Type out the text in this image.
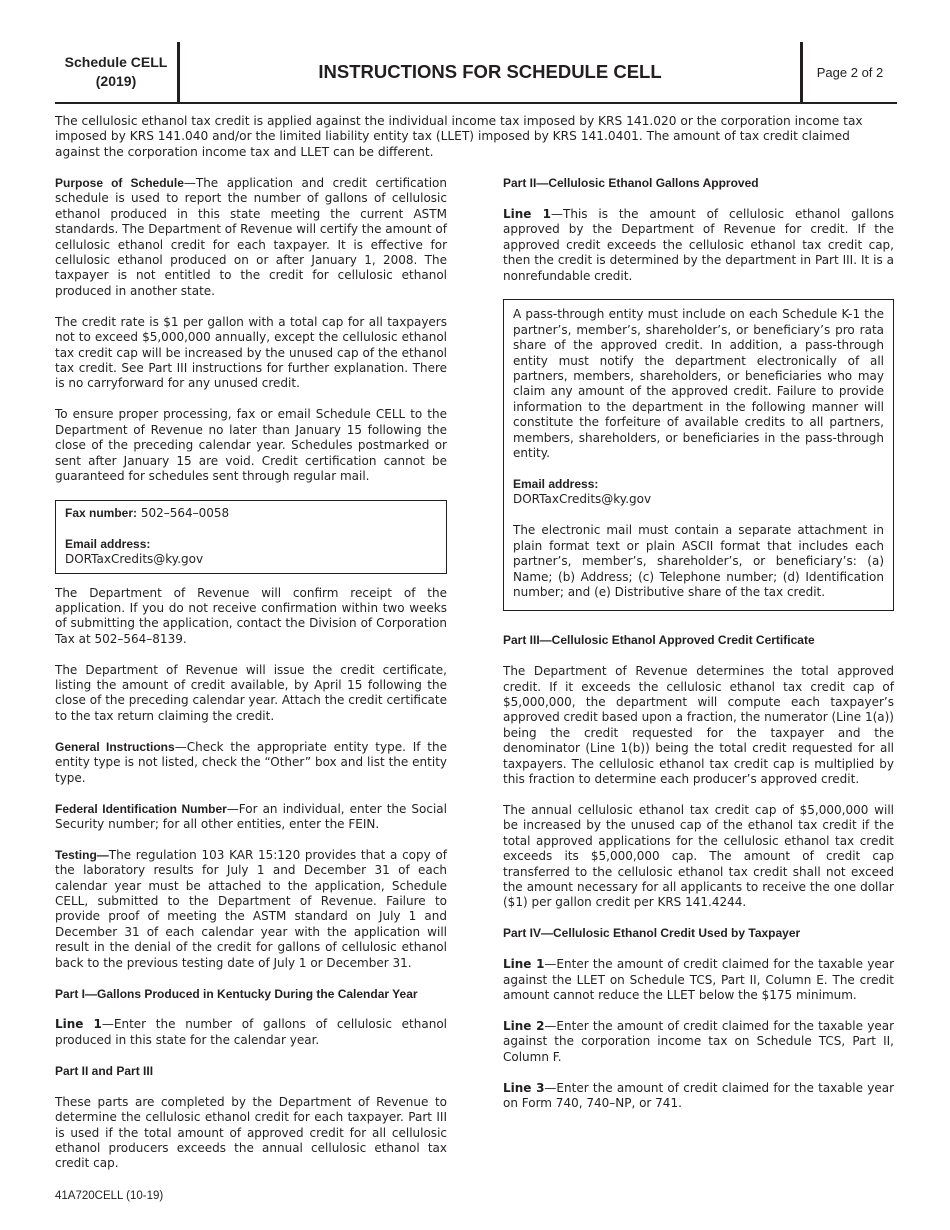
Schedule CELL
(2019)	INSTRUCTIONS FOR SCHEDULE CELL	Page 2 of 2

The cellulosic ethanol tax credit is applied against the individual income tax imposed by KRS 141.020 or the corporation income tax imposed by KRS 141.040 and/or the limited liability entity tax (LLET) imposed by KRS 141.0401. The amount of tax credit claimed against the corporation income tax and LLET can be different.

Purpose of Schedule—The application and credit certification schedule is used to report the number of gallons of cellulosic ethanol produced in this state meeting the current ASTM standards. The Department of Revenue will certify the amount of cellulosic ethanol credit for each taxpayer. It is effective for cellulosic ethanol produced on or after January 1, 2008. The taxpayer is not entitled to the credit for cellulosic ethanol produced in another state.

The credit rate is $1 per gallon with a total cap for all taxpayers not to exceed $5,000,000 annually, except the cellulosic ethanol tax credit cap will be increased by the unused cap of the ethanol tax credit. See Part III instructions for further explanation. There is no carryforward for any unused credit.

To ensure proper processing, fax or email Schedule CELL to the Department of Revenue no later than January 15 following the close of the preceding calendar year. Schedules postmarked or sent after January 15 are void. Credit certification cannot be guaranteed for schedules sent through regular mail.

Fax number: 502–564–0058

Email address:
DORTaxCredits@ky.gov

The Department of Revenue will confirm receipt of the application. If you do not receive confirmation within two weeks of submitting the application, contact the Division of Corporation Tax at 502–564–8139.

The Department of Revenue will issue the credit certificate, listing the amount of credit available, by April 15 following the close of the preceding calendar year. Attach the credit certificate to the tax return claiming the credit.

General Instructions—Check the appropriate entity type. If the entity type is not listed, check the “Other” box and list the entity type.

Federal Identification Number—For an individual, enter the Social Security number; for all other entities, enter the FEIN.

Testing—The regulation 103 KAR 15:120 provides that a copy of the laboratory results for July 1 and December 31 of each calendar year must be attached to the application, Schedule CELL, submitted to the Department of Revenue. Failure to provide proof of meeting the ASTM standard on July 1 and December 31 of each calendar year with the application will result in the denial of the credit for gallons of cellulosic ethanol back to the previous testing date of July 1 or December 31.

Part I—Gallons Produced in Kentucky During the Calendar Year

Line 1—Enter the number of gallons of cellulosic ethanol produced in this state for the calendar year.

Part II and Part III

These parts are completed by the Department of Revenue to determine the cellulosic ethanol credit for each taxpayer. Part III is used if the total amount of approved credit for all cellulosic ethanol producers exceeds the annual cellulosic ethanol tax credit cap.

Part II—Cellulosic Ethanol Gallons Approved

Line 1—This is the amount of cellulosic ethanol gallons approved by the Department of Revenue for credit. If the approved credit exceeds the cellulosic ethanol tax credit cap, then the credit is determined by the department in Part III. It is a nonrefundable credit.

A pass-through entity must include on each Schedule K-1 the partner’s, member’s, shareholder’s, or beneficiary’s pro rata share of the approved credit. In addition, a pass-through entity must notify the department electronically of all partners, members, shareholders, or beneficiaries who may claim any amount of the approved credit. Failure to provide information to the department in the following manner will constitute the forfeiture of available credits to all partners, members, shareholders, or beneficiaries in the pass-through entity.

Email address:
DORTaxCredits@ky.gov

The electronic mail must contain a separate attachment in plain format text or plain ASCII format that includes each partner’s, member’s, shareholder’s, or beneficiary’s: (a) Name; (b) Address; (c) Telephone number; (d) Identification number; and (e) Distributive share of the tax credit.

Part III—Cellulosic Ethanol Approved Credit Certificate

The Department of Revenue determines the total approved credit. If it exceeds the cellulosic ethanol tax credit cap of $5,000,000, the department will compute each taxpayer’s approved credit based upon a fraction, the numerator (Line 1(a)) being the credit requested for the taxpayer and the denominator (Line 1(b)) being the total credit requested for all taxpayers. The cellulosic ethanol tax credit cap is multiplied by this fraction to determine each producer’s approved credit.

The annual cellulosic ethanol tax credit cap of $5,000,000 will be increased by the unused cap of the ethanol tax credit if the total approved applications for the cellulosic ethanol tax credit exceeds its $5,000,000 cap. The amount of credit cap transferred to the cellulosic ethanol tax credit shall not exceed the amount necessary for all applicants to receive the one dollar ($1) per gallon credit per KRS 141.4244.

Part IV—Cellulosic Ethanol Credit Used by Taxpayer

Line 1—Enter the amount of credit claimed for the taxable year against the LLET on Schedule TCS, Part II, Column E. The credit amount cannot reduce the LLET below the $175 minimum.

Line 2—Enter the amount of credit claimed for the taxable year against the corporation income tax on Schedule TCS, Part II, Column F.

Line 3—Enter the amount of credit claimed for the taxable year on Form 740, 740–NP, or 741.

41A720CELL (10-19)
